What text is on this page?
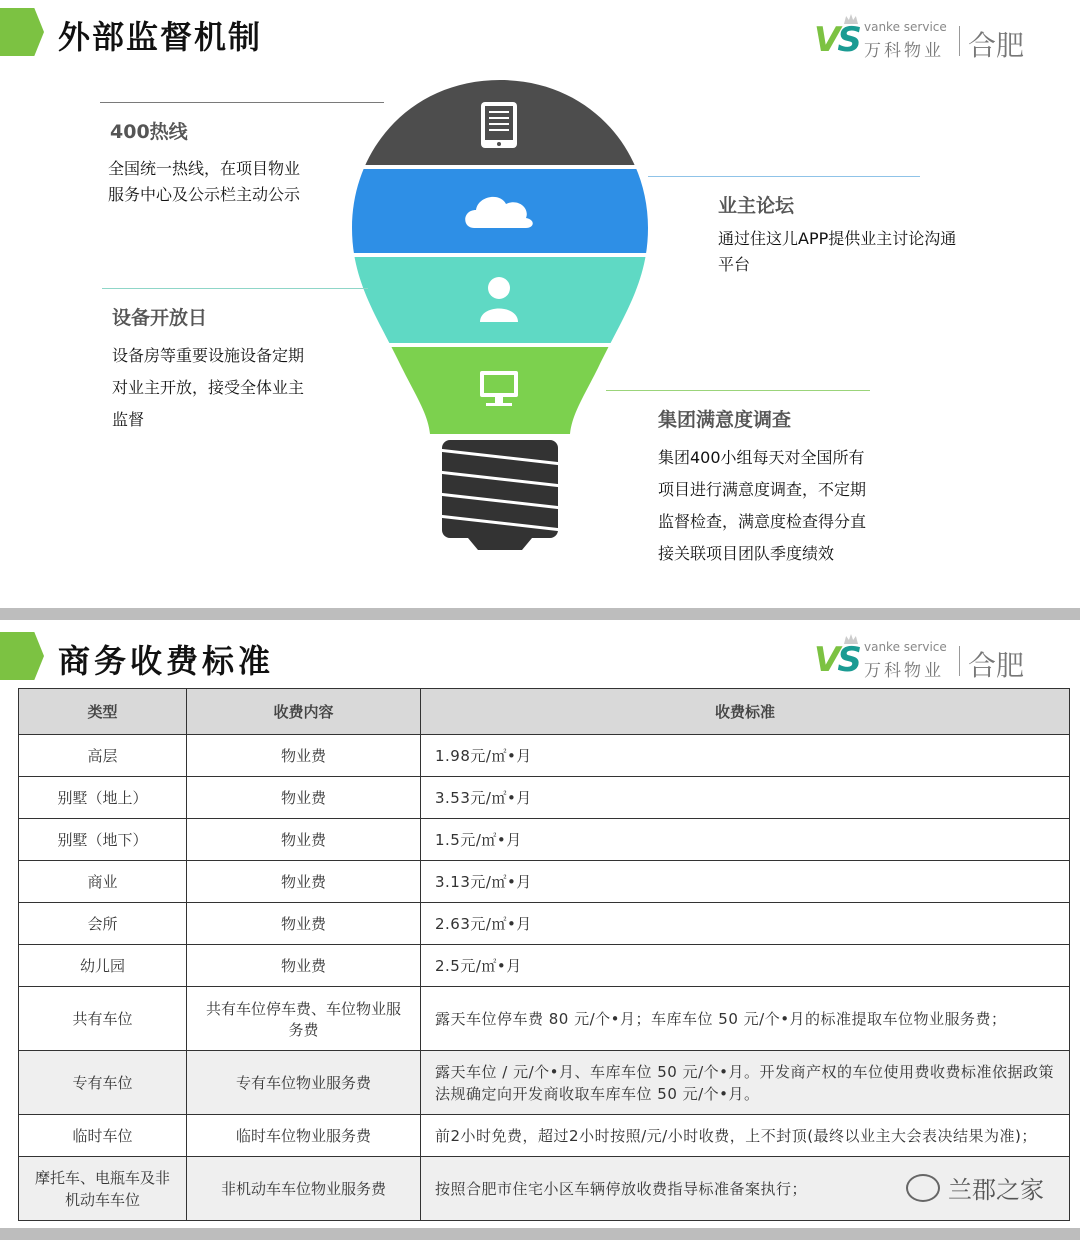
外部监督机制	VS vanke service
万科物业 合肥
400热线

全国统一热线，在项目物业
服务中心及公示栏主动公示

业主论坛

通过住这儿APP提供业主讨论沟通
平台

设备开放日

设备房等重要设施设备定期
对业主开放，接受全体业主
监督	集团满意度调查

集团400小组每天对全国所有
项目进行满意度调查，不定期
监督检查，满意度检查得分直
接关联项目团队季度绩效

商务收费标准	VS vanke service
万科物业 合肥
类型	收费内容	收费标准
高层	物业费	1.98元/㎡•月
别墅（地上）	物业费	3.53元/㎡•月
别墅（地下）	物业费	1.5元/㎡•月
商业	物业费	3.13元/㎡•月
会所	物业费	2.63元/㎡•月
幼儿园	物业费	2.5元/㎡•月
共有车位	共有车位停车费、车位物业服务费	露天车位停车费 80 元/个•月；车库车位 50 元/个•月的标准提取车位物业服务费；
专有车位	专有车位物业服务费	露天车位 / 元/个•月、车库车位 50 元/个•月。开发商产权的车位使用费收费标准依据政策法规确定向开发商收取车库车位 50 元/个•月。
临时车位	临时车位物业服务费	前2小时免费，超过2小时按照/元/小时收费，上不封顶(最终以业主大会表决结果为准)；
摩托车、电瓶车及非机动车车位	非机动车车位物业服务费	按照合肥市住宅小区车辆停放收费指导标准备案执行；	兰郡之家
